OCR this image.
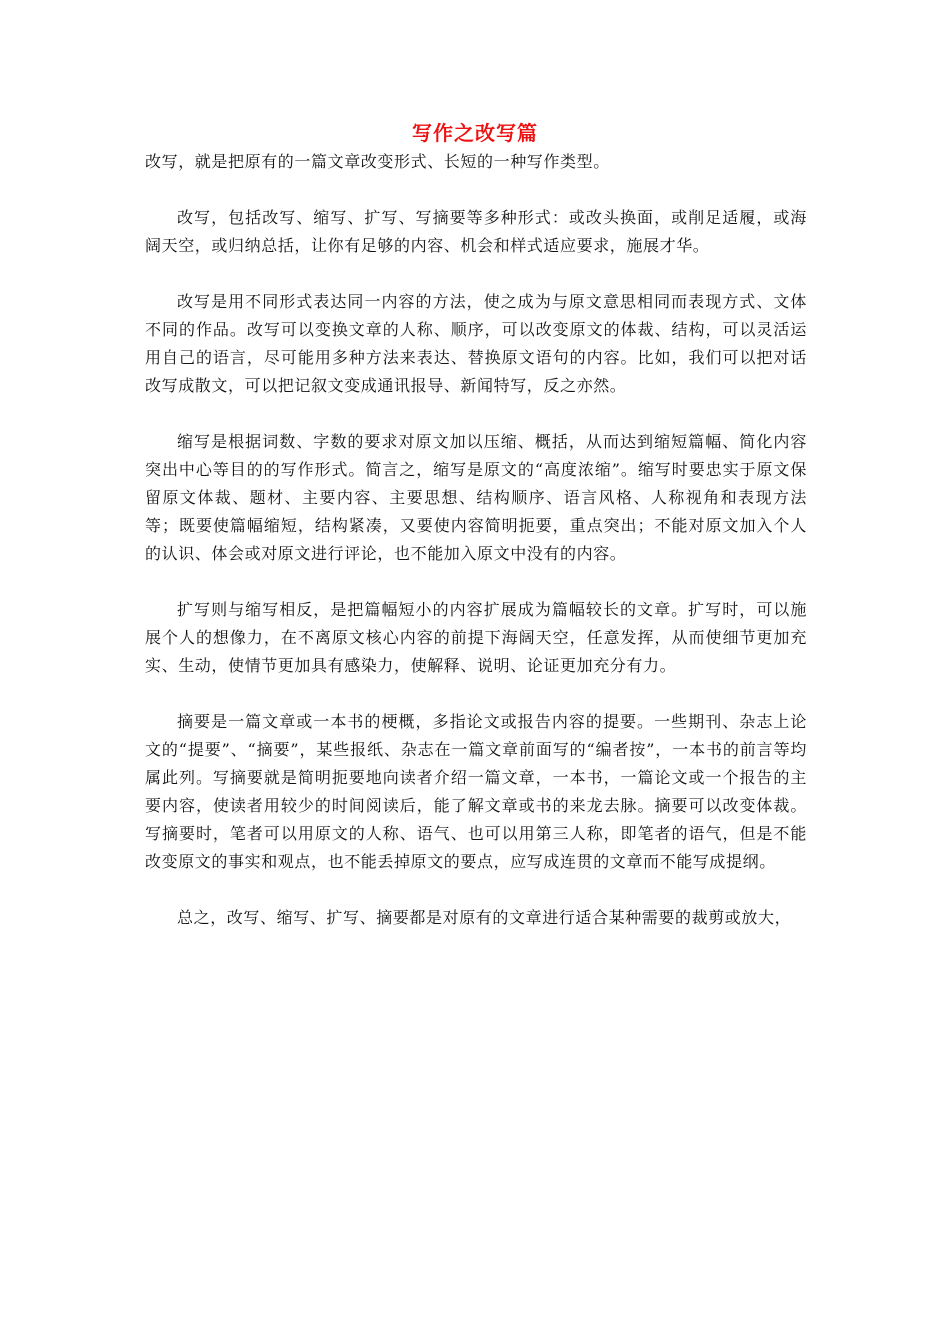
写作之改写篇

改写，就是把原有的一篇文章改变形式、长短的一种写作类型。

改写，包括改写、缩写、扩写、写摘要等多种形式：或改头换面，或削足适履，或海阔天空，或归纳总括，让你有足够的内容、机会和样式适应要求，施展才华。

改写是用不同形式表达同一内容的方法，使之成为与原文意思相同而表现方式、文体不同的作品。改写可以变换文章的人称、顺序，可以改变原文的体裁、结构，可以灵活运用自己的语言，尽可能用多种方法来表达、替换原文语句的内容。比如，我们可以把对话改写成散文，可以把记叙文变成通讯报导、新闻特写，反之亦然。

缩写是根据词数、字数的要求对原文加以压缩、概括，从而达到缩短篇幅、简化内容突出中心等目的的写作形式。简言之，缩写是原文的“高度浓缩”。缩写时要忠实于原文保留原文体裁、题材、主要内容、主要思想、结构顺序、语言风格、人称视角和表现方法等；既要使篇幅缩短，结构紧凑，又要使内容简明扼要，重点突出；不能对原文加入个人的认识、体会或对原文进行评论，也不能加入原文中没有的内容。

扩写则与缩写相反，是把篇幅短小的内容扩展成为篇幅较长的文章。扩写时，可以施展个人的想像力，在不离原文核心内容的前提下海阔天空，任意发挥，从而使细节更加充实、生动，使情节更加具有感染力，使解释、说明、论证更加充分有力。

摘要是一篇文章或一本书的梗概，多指论文或报告内容的提要。一些期刊、杂志上论文的“提要”、“摘要”，某些报纸、杂志在一篇文章前面写的“编者按”，一本书的前言等均属此列。写摘要就是简明扼要地向读者介绍一篇文章，一本书，一篇论文或一个报告的主要内容，使读者用较少的时间阅读后，能了解文章或书的来龙去脉。摘要可以改变体裁。写摘要时，笔者可以用原文的人称、语气、也可以用第三人称，即笔者的语气，但是不能改变原文的事实和观点，也不能丢掉原文的要点，应写成连贯的文章而不能写成提纲。

总之，改写、缩写、扩写、摘要都是对原有的文章进行适合某种需要的裁剪或放大，
